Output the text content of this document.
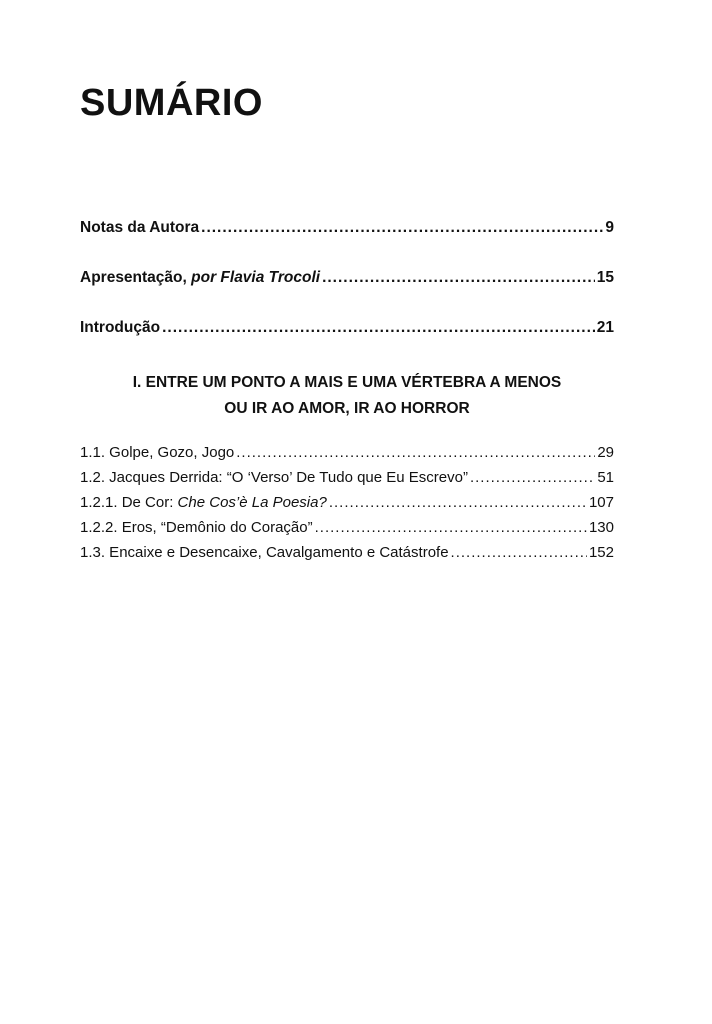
SUMÁRIO
Notas da Autora .....	9
Apresentação, por Flavia Trocoli .....	15
Introdução .....	21
I. ENTRE UM PONTO A MAIS E UMA VÉRTEBRA A MENOS
OU IR AO AMOR, IR AO HORROR
1.1. Golpe, Gozo, Jogo .....	29
1.2. Jacques Derrida: “O ‘Verso’ De Tudo que Eu Escrevo” .....	51
1.2.1. De Cor: Che Cos’è La Poesia? .....	107
1.2.2. Eros, “Demônio do Coração” .....	130
1.3. Encaixe e Desencaixe, Cavalgamento e Catástrofe .....	152
